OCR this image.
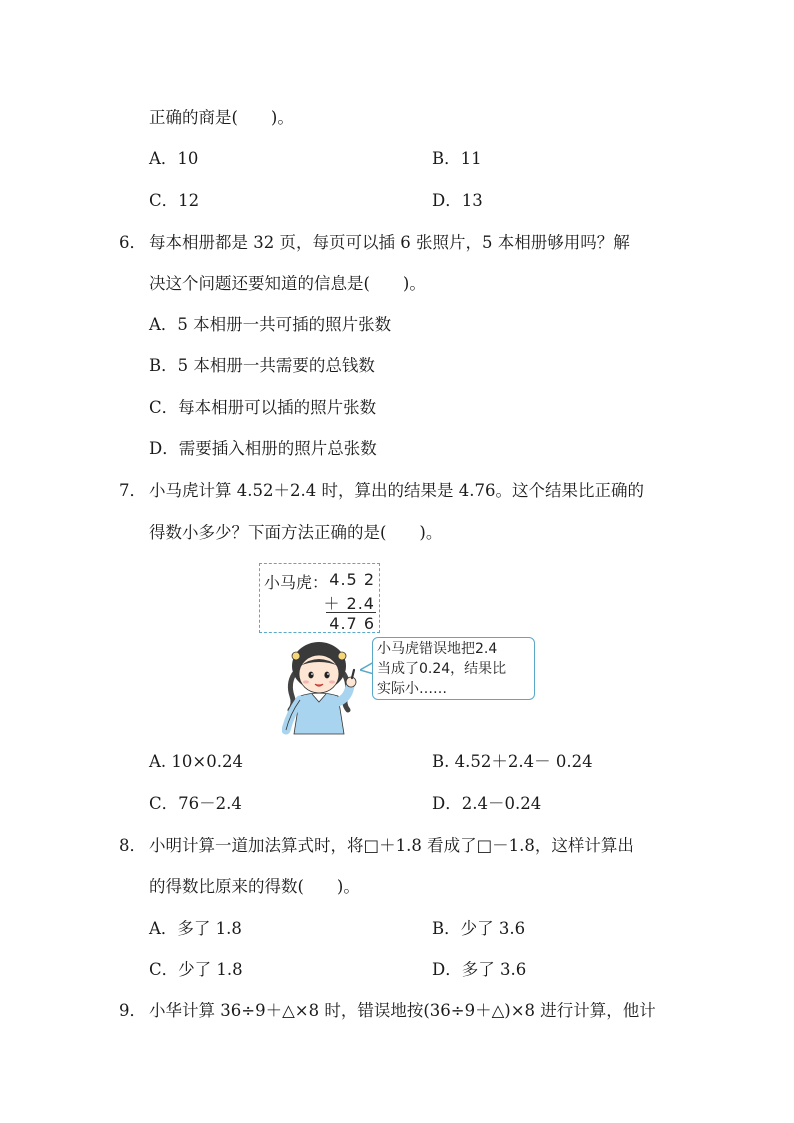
正确的商是(　　)。
A．10	B．11
C．12	D．13
6． 每本相册都是 32 页，每页可以插 6 张照片，5 本相册够用吗？解
决这个问题还要知道的信息是(　　)。
A．5 本相册一共可插的照片张数
B．5 本相册一共需要的总钱数
C．每本相册可以插的照片张数
D．需要插入相册的照片总张数
7． 小马虎计算 4.52＋2.4 时，算出的结果是 4.76。这个结果比正确的
得数小多少？下面方法正确的是(　　)。
小马虎： 4.5 2
＋ 2.4
4.7 6
小马虎错误地把2.4
当成了0.24，结果比
实际小……
A. 10×0.24	B. 4.52＋2.4－ 0.24
C．76－2.4	D．2.4－0.24
8． 小明计算一道加法算式时，将□＋1.8 看成了□－1.8，这样计算出
的得数比原来的得数(　　)。
A．多了 1.8	B．少了 3.6
C．少了 1.8	D．多了 3.6
9． 小华计算 36÷9＋△×8 时，错误地按(36÷9＋△)×8 进行计算，他计
